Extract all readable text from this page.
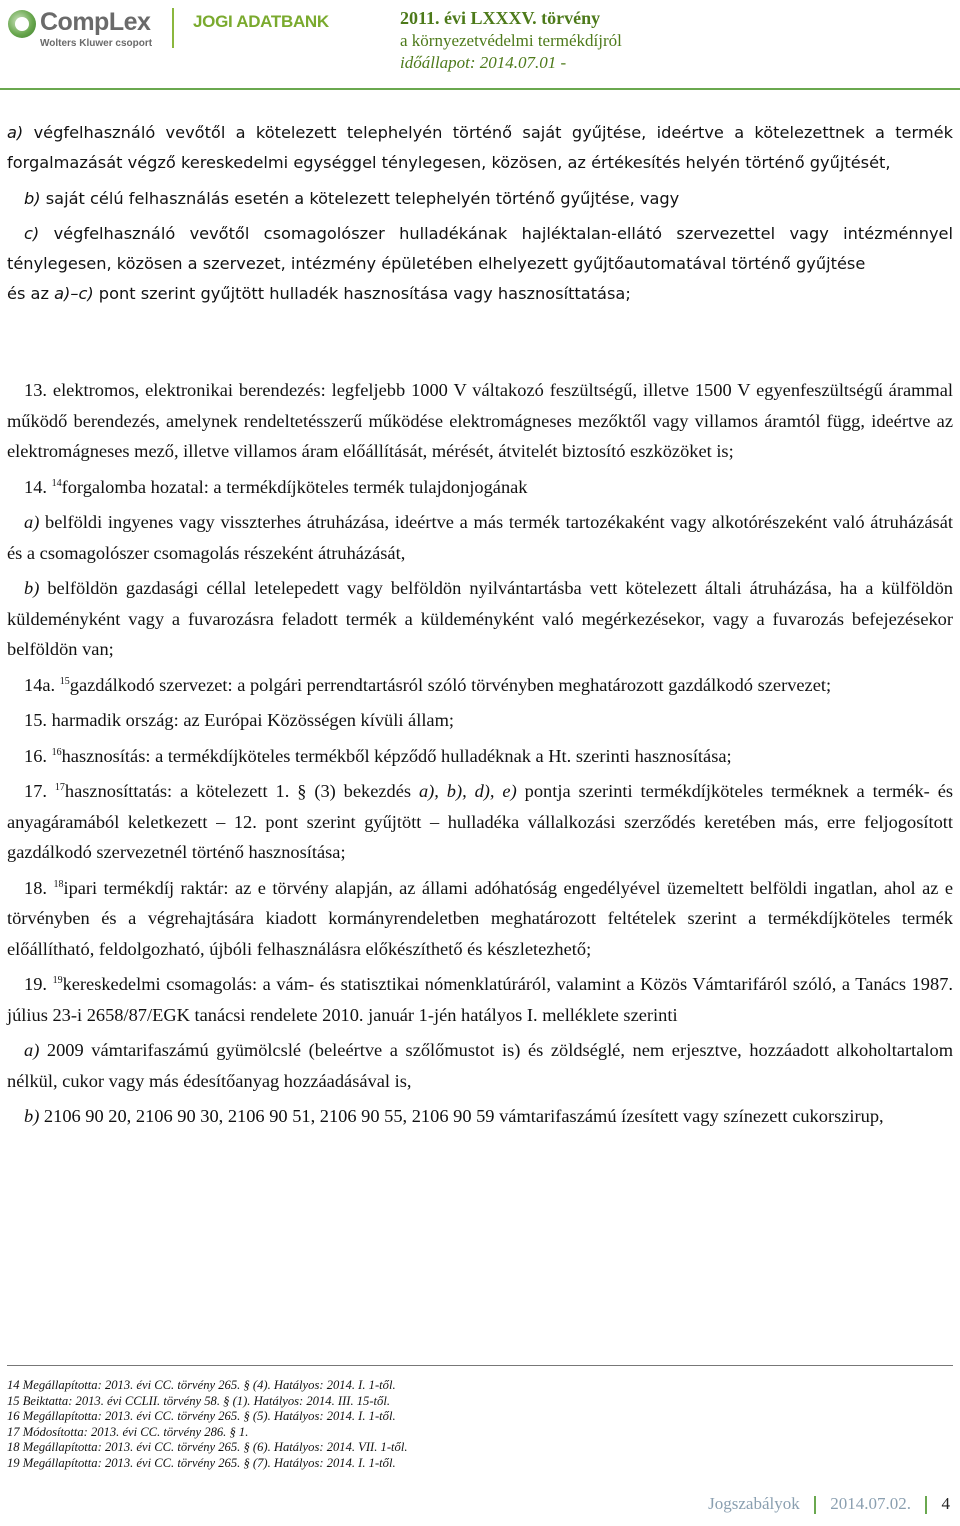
CompLex
Wolters Kluwer csoport
JOGI ADATBANK	2011. évi LXXXV. törvény
a környezetvédelmi termékdíjról
időállapot: 2014.07.01 -

a) végfelhasználó vevőtől a kötelezett telephelyén történő saját gyűjtése, ideértve a kötelezettnek a termék forgalmazását végző kereskedelmi egységgel ténylegesen, közösen, az értékesítés helyén történő gyűjtését,

b) saját célú felhasználás esetén a kötelezett telephelyén történő gyűjtése, vagy

c) végfelhasználó vevőtől csomagolószer hulladékának hajléktalan-ellátó szervezettel vagy intézménnyel ténylegesen, közösen a szervezet, intézmény épületében elhelyezett gyűjtőautomatával történő gyűjtése

és az a)–c) pont szerint gyűjtött hulladék hasznosítása vagy hasznosíttatása;

13. elektromos, elektronikai berendezés: legfeljebb 1000 V váltakozó feszültségű, illetve 1500 V egyenfeszültségű árammal működő berendezés, amelynek rendeltetésszerű működése elektromágneses mezőktől vagy villamos áramtól függ, ideértve az elektromágneses mező, illetve villamos áram előállítását, mérését, átvitelét biztosító eszközöket is;

14. $^{14}$forgalomba hozatal: a termékdíjköteles termék tulajdonjogának

a) belföldi ingyenes vagy visszterhes átruházása, ideértve a más termék tartozékaként vagy alkotórészeként való átruházását és a csomagolószer csomagolás részeként átruházását,

b) belföldön gazdasági céllal letelepedett vagy belföldön nyilvántartásba vett kötelezett általi átruházása, ha a külföldön küldeményként vagy a fuvarozásra feladott termék a küldeményként való megérkezésekor, vagy a fuvarozás befejezésekor belföldön van;

14a. $^{15}$gazdálkodó szervezet: a polgári perrendtartásról szóló törvényben meghatározott gazdálkodó szervezet;

15. harmadik ország: az Európai Közösségen kívüli állam;

16. $^{16}$hasznosítás: a termékdíjköteles termékből képződő hulladéknak a Ht. szerinti hasznosítása;

17. $^{17}$hasznosíttatás: a kötelezett 1. § (3) bekezdés a), b), d), e) pontja szerinti termékdíjköteles terméknek a termék- és anyagáramából keletkezett – 12. pont szerint gyűjtött – hulladéka vállalkozási szerződés keretében más, erre feljogosított gazdálkodó szervezetnél történő hasznosítása;

18. $^{18}$ipari termékdíj raktár: az e törvény alapján, az állami adóhatóság engedélyével üzemeltett belföldi ingatlan, ahol az e törvényben és a végrehajtására kiadott kormányrendeletben meghatározott feltételek szerint a termékdíjköteles termék előállítható, feldolgozható, újbóli felhasználásra előkészíthető és készletezhető;

19. $^{19}$kereskedelmi csomagolás: a vám- és statisztikai nómenklatúráról, valamint a Közös Vámtarifáról szóló, a Tanács 1987. július 23-i 2658/87/EGK tanácsi rendelete 2010. január 1-jén hatályos I. melléklete szerinti

a) 2009 vámtarifaszámú gyümölcslé (beleértve a szőlőmustot is) és zöldséglé, nem erjesztve, hozzáadott alkoholtartalom nélkül, cukor vagy más édesítőanyag hozzáadásával is,

b) 2106 90 20, 2106 90 30, 2106 90 51, 2106 90 55, 2106 90 59 vámtarifaszámú ízesített vagy színezett cukorszirup,

14 Megállapította: 2013. évi CC. törvény 265. § (4). Hatályos: 2014. I. 1-től.
15 Beiktatta: 2013. évi CCLII. törvény 58. § (1). Hatályos: 2014. III. 15-től.
16 Megállapította: 2013. évi CC. törvény 265. § (5). Hatályos: 2014. I. 1-től.
17 Módosította: 2013. évi CC. törvény 286. § 1.
18 Megállapította: 2013. évi CC. törvény 265. § (6). Hatályos: 2014. VII. 1-től.
19 Megállapította: 2013. évi CC. törvény 265. § (7). Hatályos: 2014. I. 1-től.
Jogszabályok 2014.07.02. 4
